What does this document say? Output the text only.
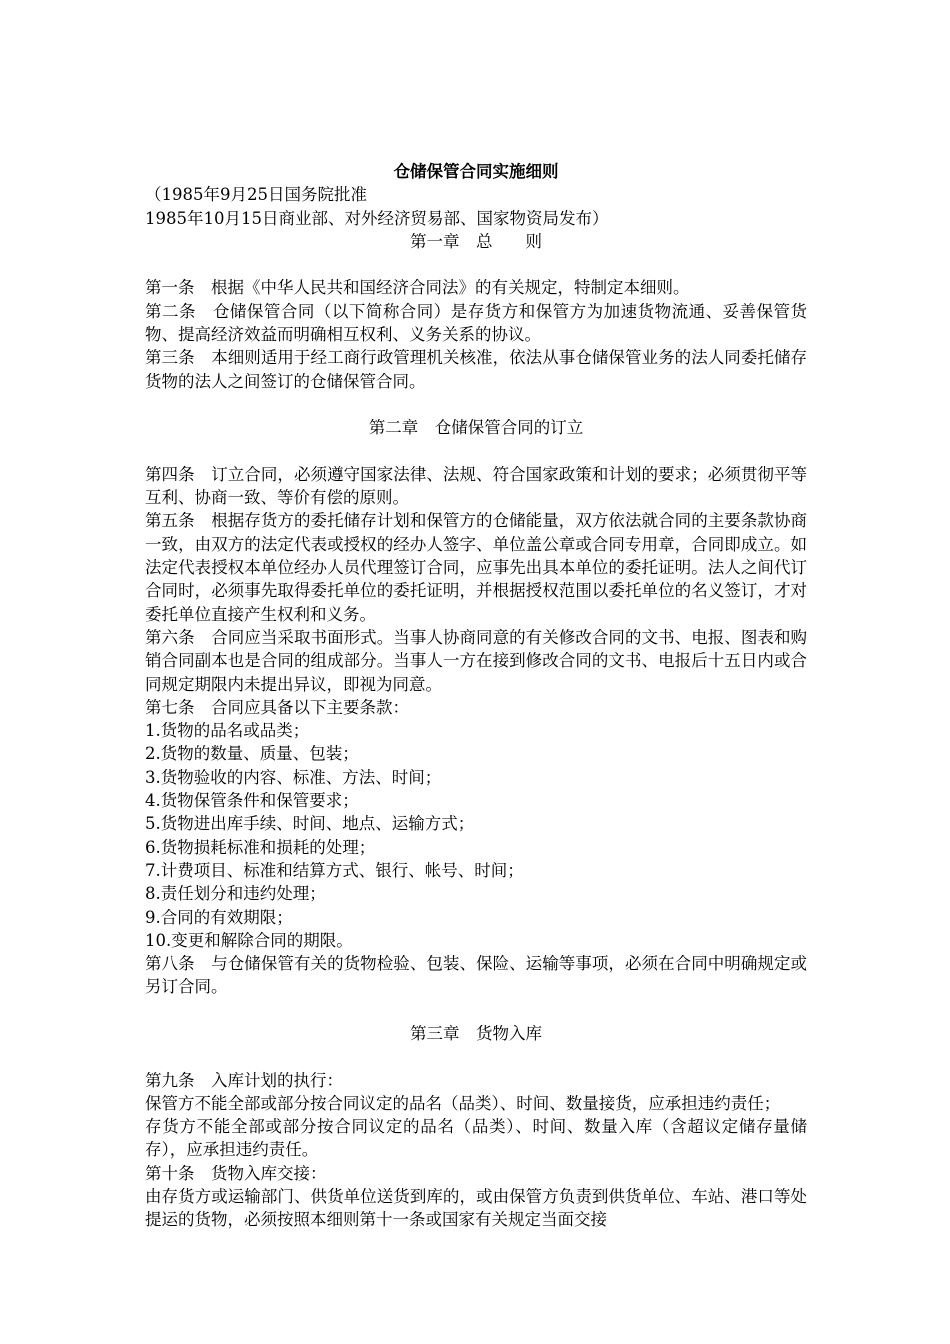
仓储保管合同实施细则

（1985年9月25日国务院批准

1985年10月15日商业部、对外经济贸易部、国家物资局发布）

第一章　总　　则

第一条　根据《中华人民共和国经济合同法》的有关规定，特制定本细则。

第二条　仓储保管合同（以下简称合同）是存货方和保管方为加速货物流通、妥善保管货物、提高经济效益而明确相互权利、义务关系的协议。

第三条　本细则适用于经工商行政管理机关核准，依法从事仓储保管业务的法人同委托储存货物的法人之间签订的仓储保管合同。

第二章　仓储保管合同的订立

第四条　订立合同，必须遵守国家法律、法规、符合国家政策和计划的要求；必须贯彻平等互利、协商一致、等价有偿的原则。

第五条　根据存货方的委托储存计划和保管方的仓储能量，双方依法就合同的主要条款协商一致，由双方的法定代表或授权的经办人签字、单位盖公章或合同专用章，合同即成立。如法定代表授权本单位经办人员代理签订合同，应事先出具本单位的委托证明。法人之间代订合同时，必须事先取得委托单位的委托证明，并根据授权范围以委托单位的名义签订，才对委托单位直接产生权利和义务。

第六条　合同应当采取书面形式。当事人协商同意的有关修改合同的文书、电报、图表和购销合同副本也是合同的组成部分。当事人一方在接到修改合同的文书、电报后十五日内或合同规定期限内未提出异议，即视为同意。

第七条　合同应具备以下主要条款：

1.货物的品名或品类；

2.货物的数量、质量、包装；

3.货物验收的内容、标准、方法、时间；

4.货物保管条件和保管要求；

5.货物进出库手续、时间、地点、运输方式；

6.货物损耗标准和损耗的处理；

7.计费项目、标准和结算方式、银行、帐号、时间；

8.责任划分和违约处理；

9.合同的有效期限；

10.变更和解除合同的期限。

第八条　与仓储保管有关的货物检验、包装、保险、运输等事项，必须在合同中明确规定或另订合同。

第三章　货物入库

第九条　入库计划的执行：

保管方不能全部或部分按合同议定的品名（品类）、时间、数量接货，应承担违约责任；

存货方不能全部或部分按合同议定的品名（品类）、时间、数量入库（含超议定储存量储存），应承担违约责任。

第十条　货物入库交接：

由存货方或运输部门、供货单位送货到库的，或由保管方负责到供货单位、车站、港口等处提运的货物，必须按照本细则第十一条或国家有关规定当面交接
